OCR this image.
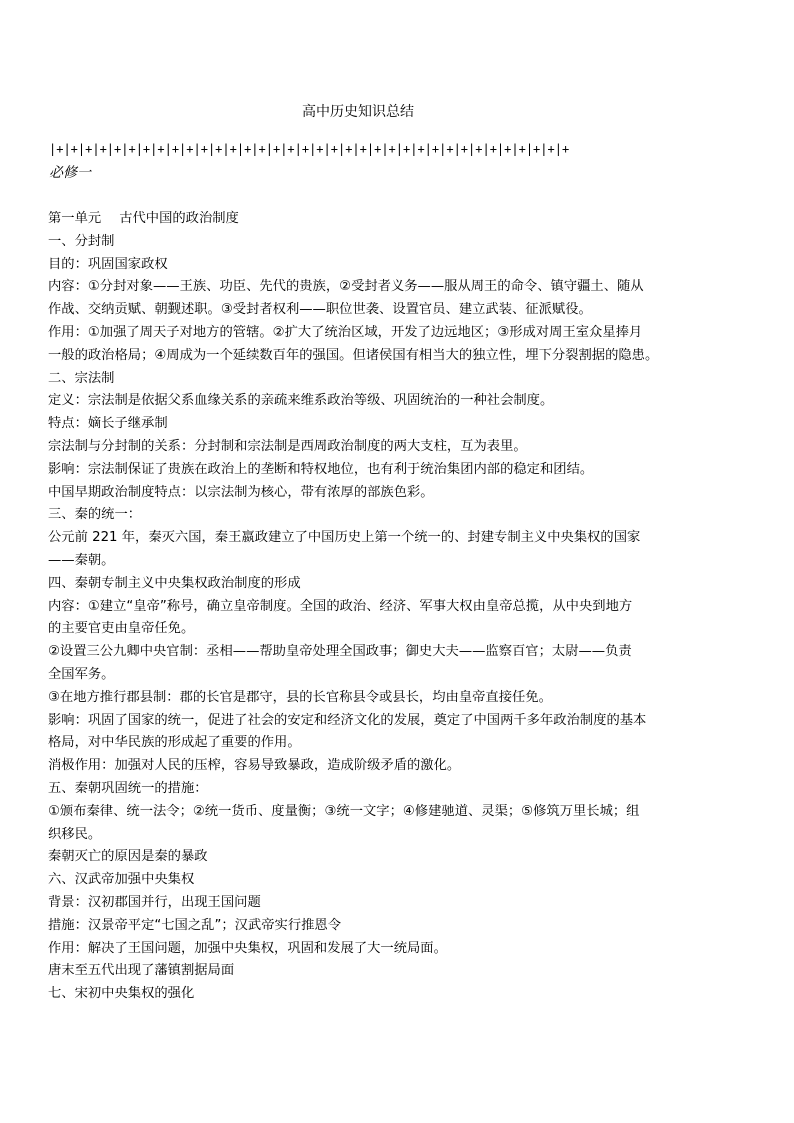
高中历史知识总结
|+|+|+|+|+|+|+|+|+|+|+|+|+|+|+|+|+|+|+|+|+|+|+|+|+|+|+|+|+|+|+|+|+|+|+|+
必修一
第一单元 古代中国的政治制度
一、分封制
目的：巩固国家政权
内容：①分封对象——王族、功臣、先代的贵族，②受封者义务——服从周王的命令、镇守疆土、随从
作战、交纳贡赋、朝觐述职。③受封者权利——职位世袭、设置官员、建立武装、征派赋役。
作用：①加强了周天子对地方的管辖。②扩大了统治区域，开发了边远地区；③形成对周王室众星捧月
一般的政治格局；④周成为一个延续数百年的强国。但诸侯国有相当大的独立性，埋下分裂割据的隐患。
二、宗法制
定义：宗法制是依据父系血缘关系的亲疏来维系政治等级、巩固统治的一种社会制度。
特点：嫡长子继承制
宗法制与分封制的关系：分封制和宗法制是西周政治制度的两大支柱，互为表里。
影响：宗法制保证了贵族在政治上的垄断和特权地位，也有利于统治集团内部的稳定和团结。
中国早期政治制度特点：以宗法制为核心，带有浓厚的部族色彩。
三、秦的统一：
公元前 221 年，秦灭六国，秦王嬴政建立了中国历史上第一个统一的、封建专制主义中央集权的国家
——秦朝。
四、秦朝专制主义中央集权政治制度的形成
内容：①建立“皇帝”称号，确立皇帝制度。全国的政治、经济、军事大权由皇帝总揽，从中央到地方
的主要官吏由皇帝任免。
②设置三公九卿中央官制：丞相——帮助皇帝处理全国政事；御史大夫——监察百官；太尉——负责
全国军务。
③在地方推行郡县制：郡的长官是郡守，县的长官称县令或县长，均由皇帝直接任免。
影响：巩固了国家的统一，促进了社会的安定和经济文化的发展，奠定了中国两千多年政治制度的基本
格局，对中华民族的形成起了重要的作用。
消极作用：加强对人民的压榨，容易导致暴政，造成阶级矛盾的激化。
五、秦朝巩固统一的措施：
①颁布秦律、统一法令；②统一货币、度量衡；③统一文字；④修建驰道、灵渠；⑤修筑万里长城；组
织移民。
秦朝灭亡的原因是秦的暴政
六、汉武帝加强中央集权
背景：汉初郡国并行，出现王国问题
措施：汉景帝平定“七国之乱”；汉武帝实行推恩令
作用：解决了王国问题，加强中央集权，巩固和发展了大一统局面。
唐末至五代出现了藩镇割据局面
七、宋初中央集权的强化
